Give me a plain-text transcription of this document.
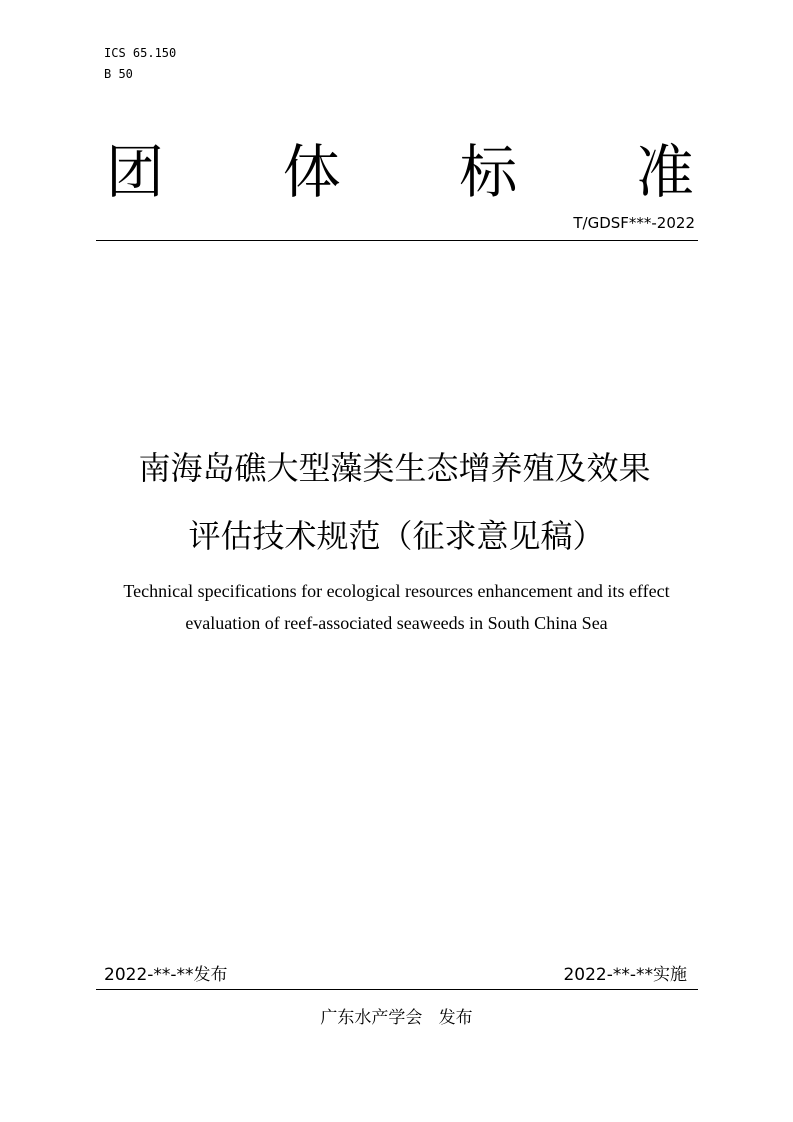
ICS 65.150
B 50
团 体 标 准
T/GDSF***-2022
南海岛礁大型藻类生态增养殖及效果
评估技术规范（征求意见稿）
Technical specifications for ecological resources enhancement and its effect
evaluation of reef-associated seaweeds in South China Sea
2022-**-**发布	2022-**-**实施
广东水产学会   发布
